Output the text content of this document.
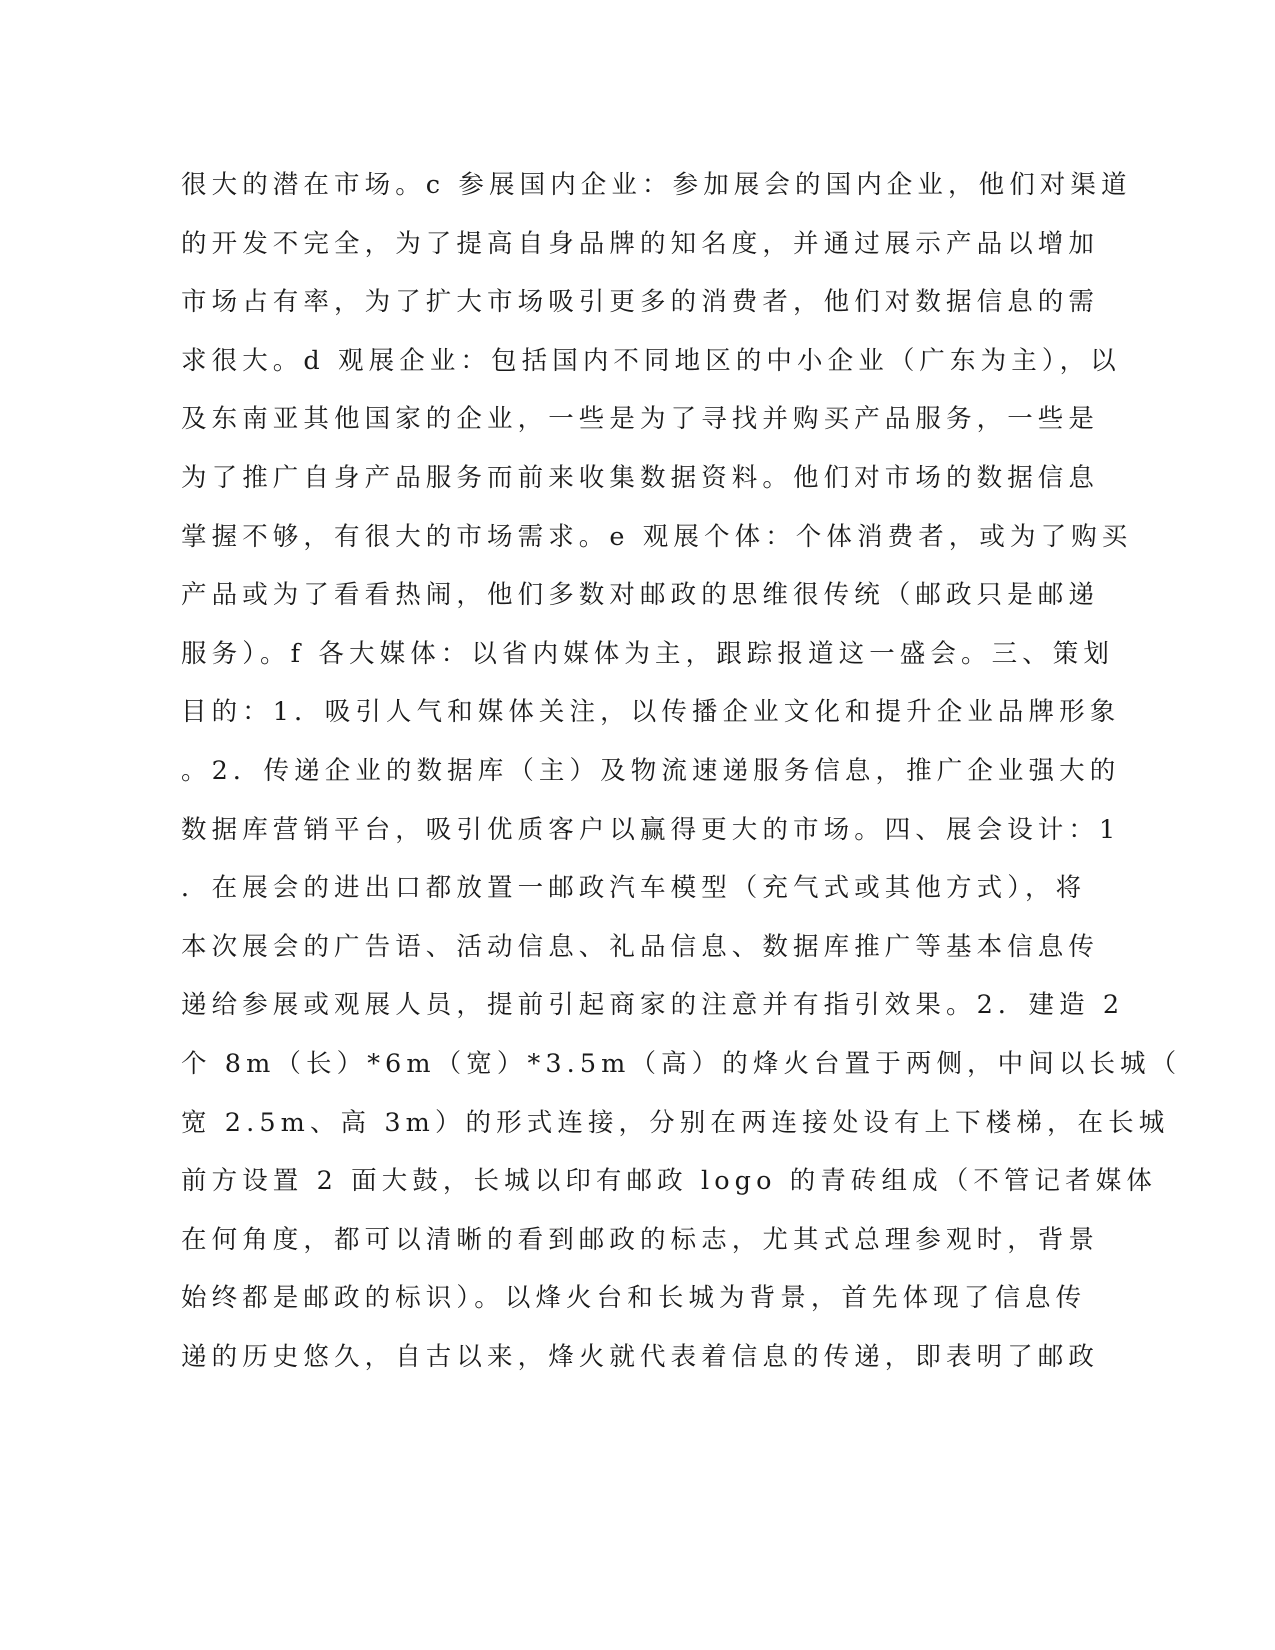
很大的潜在市场。c 参展国内企业：参加展会的国内企业，他们对渠道
的开发不完全，为了提高自身品牌的知名度，并通过展示产品以增加
市场占有率，为了扩大市场吸引更多的消费者，他们对数据信息的需
求很大。d 观展企业：包括国内不同地区的中小企业（广东为主），以
及东南亚其他国家的企业，一些是为了寻找并购买产品服务，一些是
为了推广自身产品服务而前来收集数据资料。他们对市场的数据信息
掌握不够，有很大的市场需求。e 观展个体：个体消费者，或为了购买
产品或为了看看热闹，他们多数对邮政的思维很传统（邮政只是邮递
服务）。f 各大媒体：以省内媒体为主，跟踪报道这一盛会。三、策划
目的：1．吸引人气和媒体关注，以传播企业文化和提升企业品牌形象
。2．传递企业的数据库（主）及物流速递服务信息，推广企业强大的
数据库营销平台，吸引优质客户以赢得更大的市场。四、展会设计：1
．在展会的进出口都放置一邮政汽车模型（充气式或其他方式），将
本次展会的广告语、活动信息、礼品信息、数据库推广等基本信息传
递给参展或观展人员，提前引起商家的注意并有指引效果。2．建造 2
个 8m（长）*6m（宽）*3.5m（高）的烽火台置于两侧，中间以长城（
宽 2.5m、高 3m）的形式连接，分别在两连接处设有上下楼梯，在长城
前方设置 2 面大鼓，长城以印有邮政 logo 的青砖组成（不管记者媒体
在何角度，都可以清晰的看到邮政的标志，尤其式总理参观时，背景
始终都是邮政的标识）。以烽火台和长城为背景，首先体现了信息传
递的历史悠久，自古以来，烽火就代表着信息的传递，即表明了邮政
